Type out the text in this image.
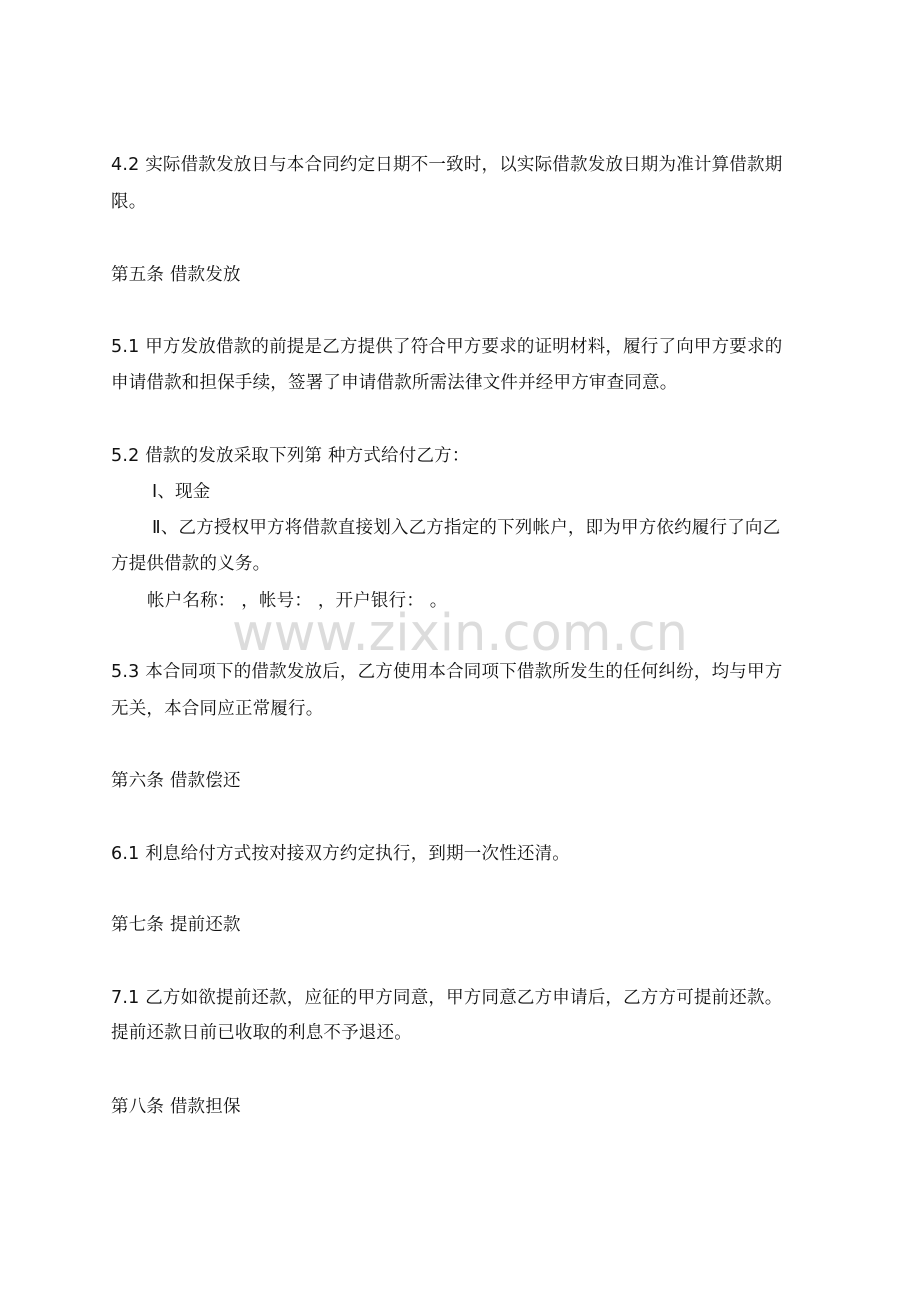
4.2 实际借款发放日与本合同约定日期不一致时，以实际借款发放日期为准计算借款期
限。
第五条 借款发放
5.1 甲方发放借款的前提是乙方提供了符合甲方要求的证明材料，履行了向甲方要求的
申请借款和担保手续，签署了申请借款所需法律文件并经甲方审查同意。
5.2 借款的发放采取下列第 种方式给付乙方：
Ⅰ、现金
Ⅱ、乙方授权甲方将借款直接划入乙方指定的下列帐户，即为甲方依约履行了向乙
方提供借款的义务。
帐户名称： ，帐号： ，开户银行： 。
5.3 本合同项下的借款发放后，乙方使用本合同项下借款所发生的任何纠纷，均与甲方
无关，本合同应正常履行。
第六条 借款偿还
6.1 利息给付方式按对接双方约定执行，到期一次性还清。
第七条 提前还款
7.1 乙方如欲提前还款，应征的甲方同意，甲方同意乙方申请后，乙方方可提前还款。
提前还款日前已收取的利息不予退还。
第八条 借款担保
www.zixin.com.cn
